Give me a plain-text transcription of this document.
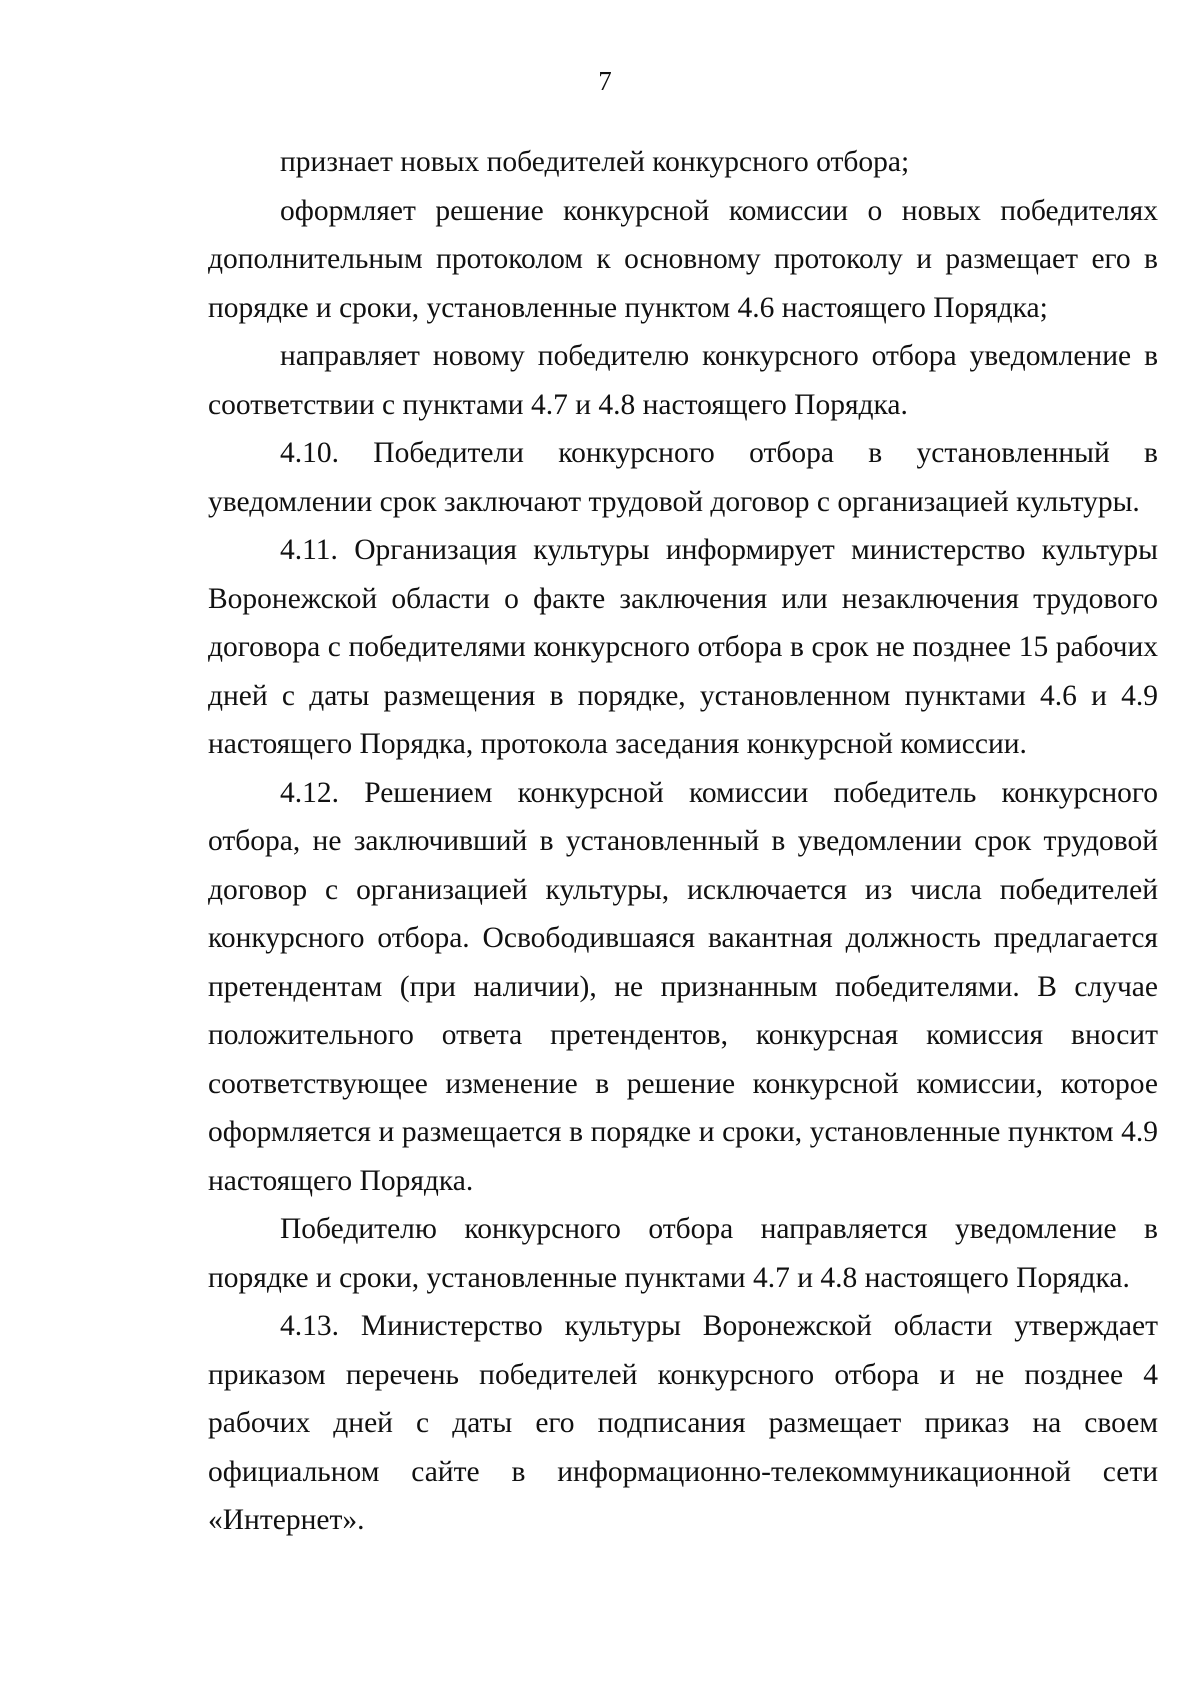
7

признает новых победителей конкурсного отбора;

оформляет решение конкурсной комиссии о новых победителях дополнительным протоколом к основному протоколу и размещает его в порядке и сроки, установленные пунктом 4.6 настоящего Порядка;

направляет новому победителю конкурсного отбора уведомление в соответствии с пунктами 4.7 и 4.8 настоящего Порядка.

4.10. Победители конкурсного отбора в установленный в уведомлении срок заключают трудовой договор с организацией культуры.

4.11. Организация культуры информирует министерство культуры Воронежской области о факте заключения или незаключения трудового договора с победителями конкурсного отбора в срок не позднее 15 рабочих дней с даты размещения в порядке, установленном пунктами 4.6 и 4.9 настоящего Порядка, протокола заседания конкурсной комиссии.

4.12. Решением конкурсной комиссии победитель конкурсного отбора, не заключивший в установленный в уведомлении срок трудовой договор с организацией культуры, исключается из числа победителей конкурсного отбора. Освободившаяся вакантная должность предлагается претендентам (при наличии), не признанным победителями. В случае положительного ответа претендентов, конкурсная комиссия вносит соответствующее изменение в решение конкурсной комиссии, которое оформляется и размещается в порядке и сроки, установленные пунктом 4.9 настоящего Порядка.

Победителю конкурсного отбора направляется уведомление в порядке и сроки, установленные пунктами 4.7 и 4.8 настоящего Порядка.

4.13. Министерство культуры Воронежской области утверждает приказом перечень победителей конкурсного отбора и не позднее 4 рабочих дней с даты его подписания размещает приказ на своем официальном сайте в информационно-телекоммуникационной сети «Интернет».
